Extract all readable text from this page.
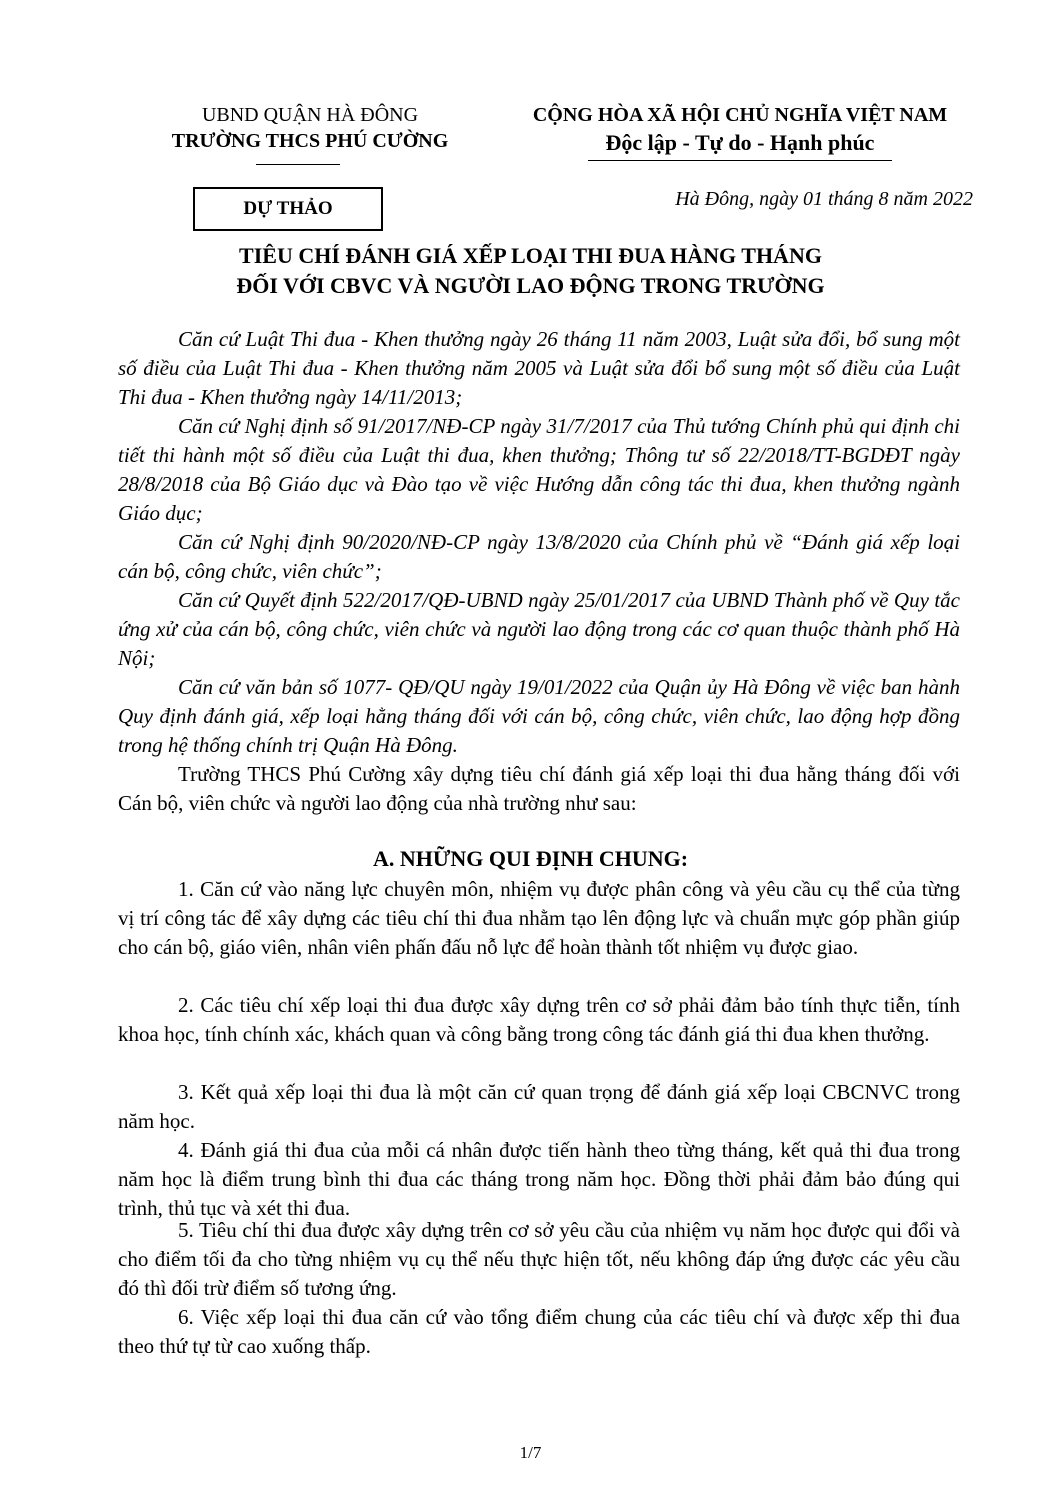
UBND QUẬN HÀ ĐÔNG
TRƯỜNG THCS PHÚ CƯỜNG
CỘNG HÒA XÃ HỘI CHỦ NGHĨA VIỆT NAM
Độc lập - Tự do - Hạnh phúc
DỰ THẢO	Hà Đông, ngày 01 tháng 8 năm 2022
TIÊU CHÍ ĐÁNH GIÁ XẾP LOẠI THI ĐUA HÀNG THÁNG
ĐỐI VỚI CBVC VÀ NGƯỜI LAO ĐỘNG TRONG TRƯỜNG
Căn cứ Luật Thi đua - Khen thưởng ngày 26 tháng 11 năm 2003, Luật sửa đổi, bổ sung một số điều của Luật Thi đua - Khen thưởng năm 2005 và Luật sửa đổi bổ sung một số điều của Luật Thi đua - Khen thưởng ngày 14/11/2013;
Căn cứ Nghị định số 91/2017/NĐ-CP ngày 31/7/2017 của Thủ tướng Chính phủ qui định chi tiết thi hành một số điều của Luật thi đua, khen thưởng; Thông tư số 22/2018/TT-BGDĐT ngày 28/8/2018 của Bộ Giáo dục và Đào tạo về việc Hướng dẫn công tác thi đua, khen thưởng ngành Giáo dục;
Căn cứ Nghị định 90/2020/NĐ-CP ngày 13/8/2020 của Chính phủ về “Đánh giá xếp loại cán bộ, công chức, viên chức”;
Căn cứ Quyết định 522/2017/QĐ-UBND ngày 25/01/2017 của UBND Thành phố về Quy tắc ứng xử của cán bộ, công chức, viên chức và người lao động trong các cơ quan thuộc thành phố Hà Nội;
Căn cứ văn bản số 1077- QĐ/QU ngày 19/01/2022 của Quận ủy Hà Đông về việc ban hành Quy định đánh giá, xếp loại hằng tháng đối với cán bộ, công chức, viên chức, lao động hợp đồng trong hệ thống chính trị Quận Hà Đông.
Trường THCS Phú Cường xây dựng tiêu chí đánh giá xếp loại thi đua hằng tháng đối với Cán bộ, viên chức và người lao động của nhà trường như sau:
A. NHỮNG QUI ĐỊNH CHUNG:
1. Căn cứ vào năng lực chuyên môn, nhiệm vụ được phân công và yêu cầu cụ thể của từng vị trí công tác để xây dựng các tiêu chí thi đua nhằm tạo lên động lực và chuẩn mực góp phần giúp cho cán bộ, giáo viên, nhân viên phấn đấu nỗ lực để hoàn thành tốt nhiệm vụ được giao.
2. Các tiêu chí xếp loại thi đua được xây dựng trên cơ sở phải đảm bảo tính thực tiễn, tính khoa học, tính chính xác, khách quan và công bằng trong công tác đánh giá thi đua khen thưởng.
3. Kết quả xếp loại thi đua là một căn cứ quan trọng để đánh giá xếp loại CBCNVC trong năm học.
4. Đánh giá thi đua của mỗi cá nhân được tiến hành theo từng tháng, kết quả thi đua trong năm học là điểm trung bình thi đua các tháng trong năm học. Đồng thời phải đảm bảo đúng qui trình, thủ tục và xét thi đua.
5. Tiêu chí thi đua được xây dựng trên cơ sở yêu cầu của nhiệm vụ năm học được qui đổi và cho điểm tối đa cho từng nhiệm vụ cụ thể nếu thực hiện tốt, nếu không đáp ứng được các yêu cầu đó thì đối trừ điểm số tương ứng.
6. Việc xếp loại thi đua căn cứ vào tổng điểm chung của các tiêu chí và được xếp thi đua theo thứ tự từ cao xuống thấp.
1/7
